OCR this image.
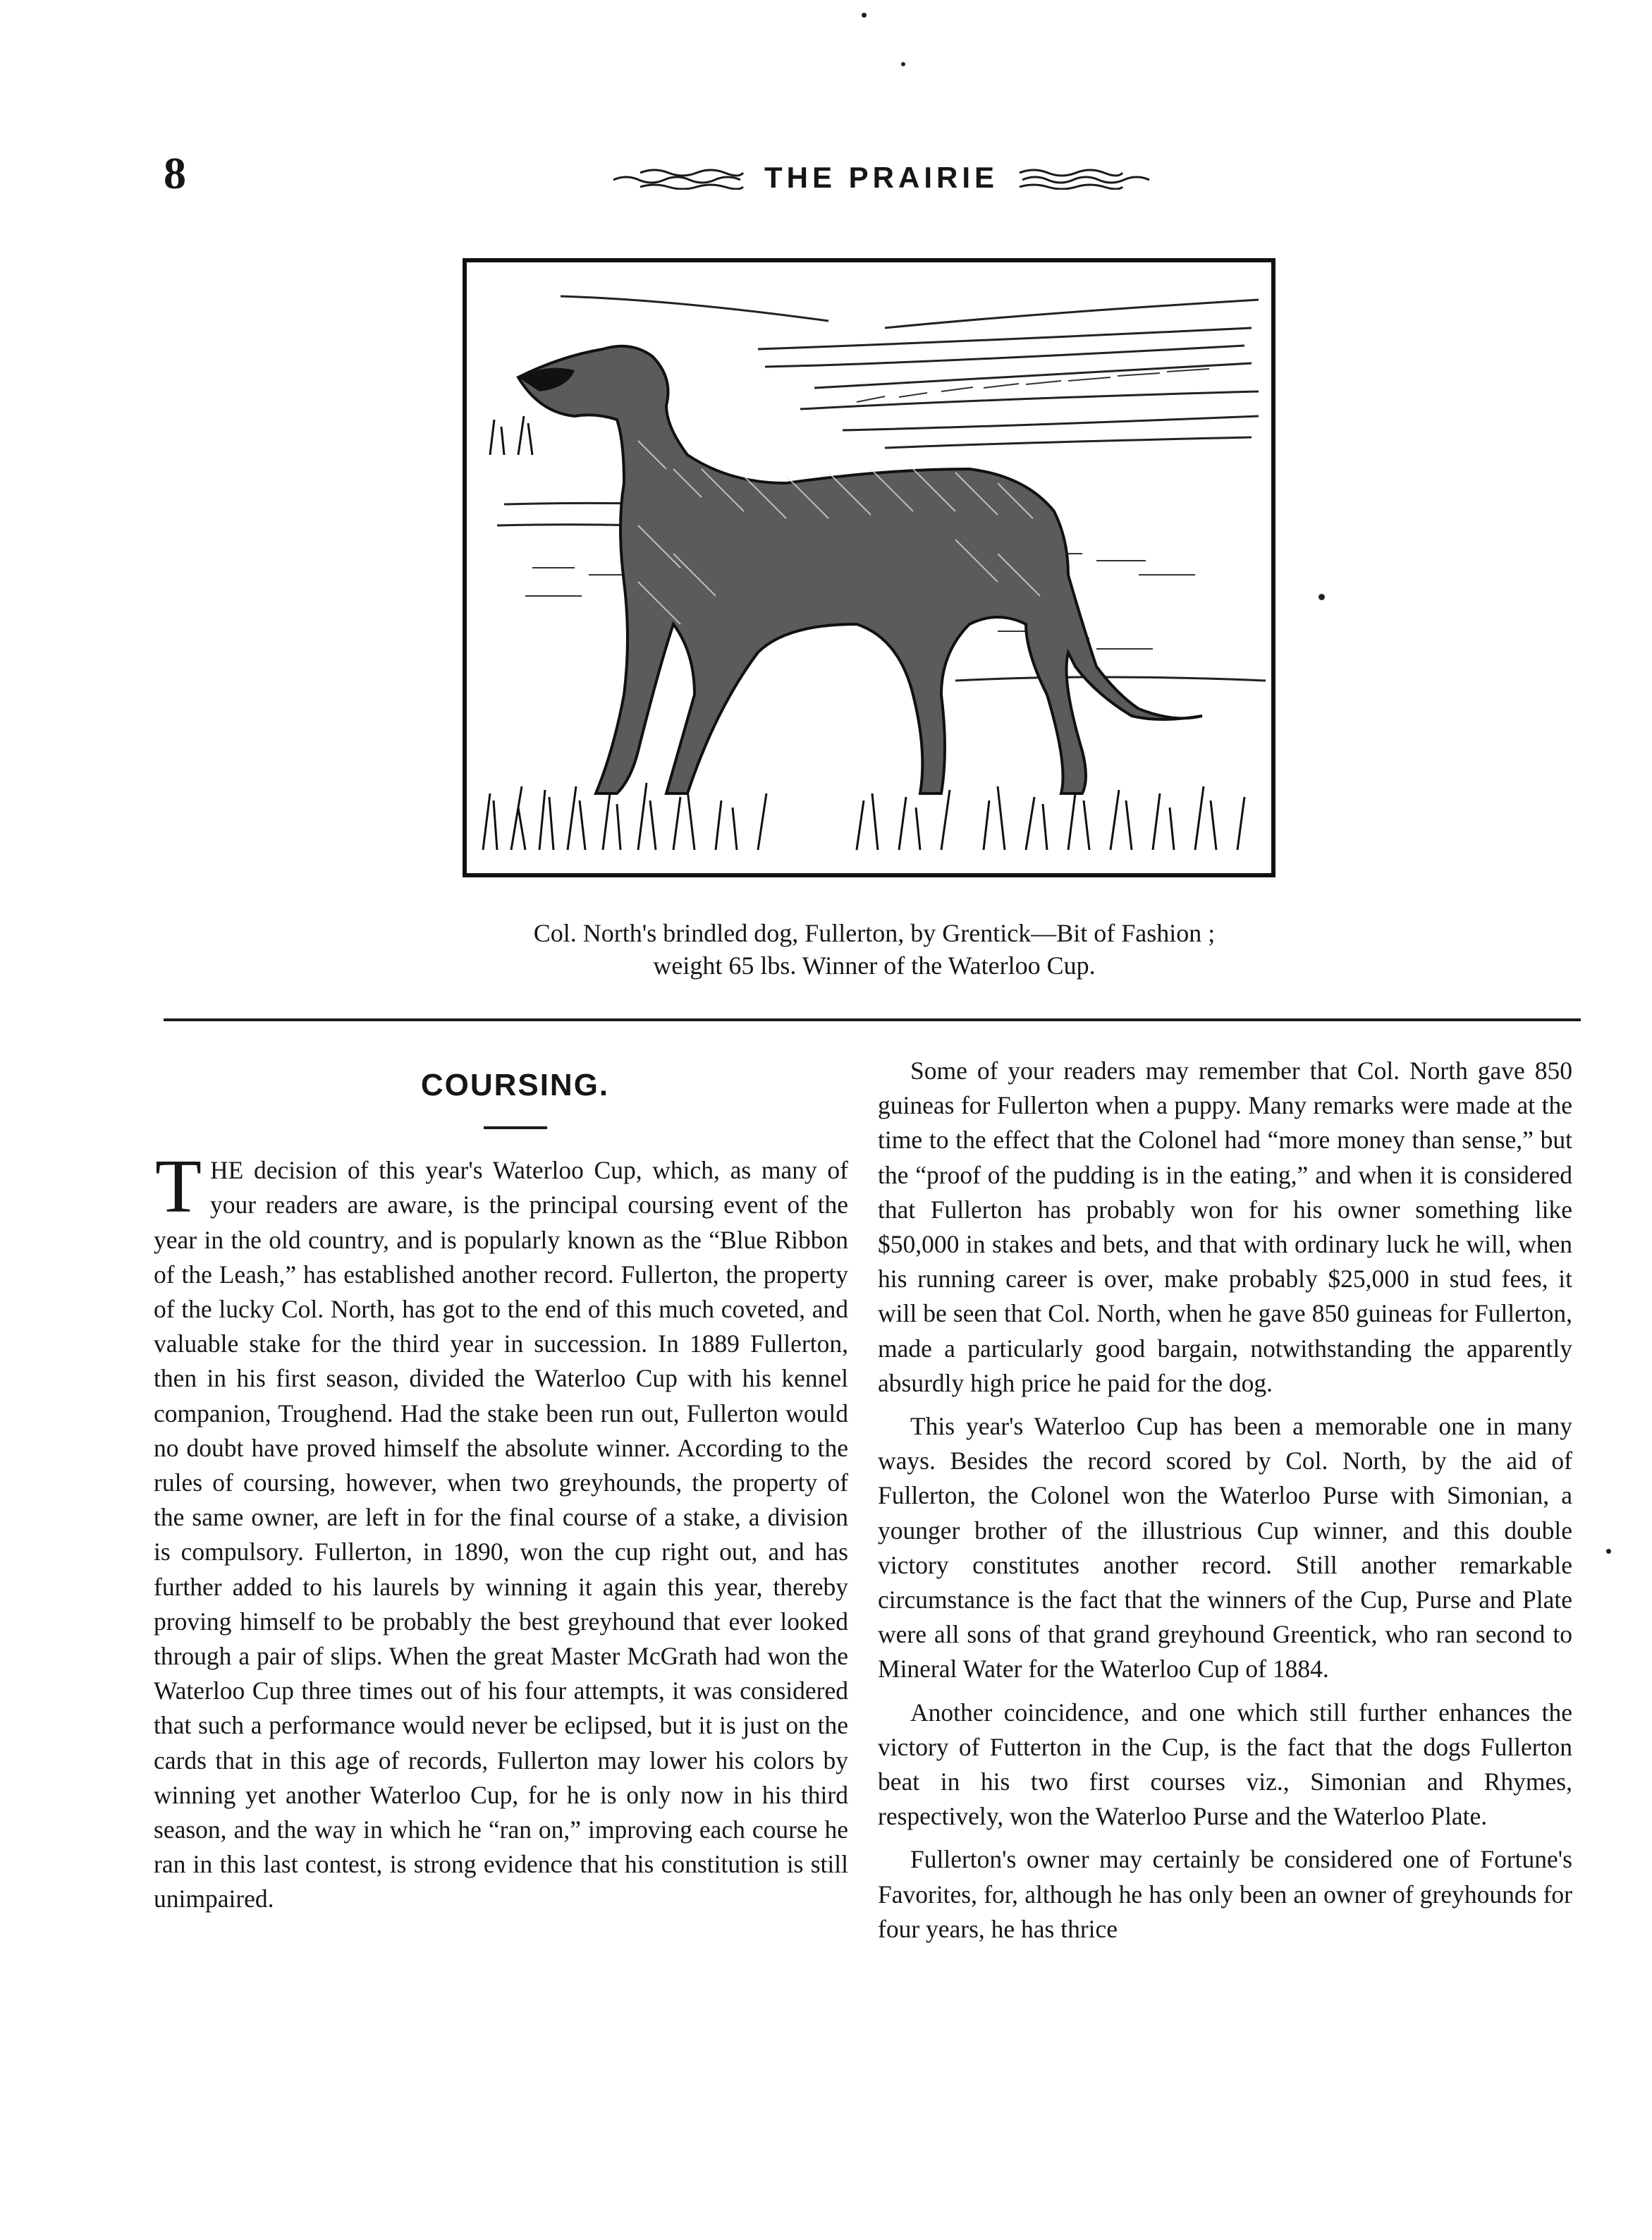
8	THE PRAIRIE
Col. North's brindled dog, Fullerton, by Grentick—Bit of Fashion ;
weight 65 lbs. Winner of the Waterloo Cup.
COURSING.

THE decision of this year's Waterloo Cup, which, as many of your readers are aware, is the principal coursing event of the year in the old country, and is popularly known as the “Blue Ribbon of the Leash,” has established another record. Fullerton, the property of the lucky Col. North, has got to the end of this much coveted, and valuable stake for the third year in succession. In 1889 Fullerton, then in his first season, divided the Waterloo Cup with his kennel companion, Troughend. Had the stake been run out, Fullerton would no doubt have proved himself the absolute winner. According to the rules of coursing, however, when two greyhounds, the property of the same owner, are left in for the final course of a stake, a division is compulsory. Fullerton, in 1890, won the cup right out, and has further added to his laurels by winning it again this year, thereby proving himself to be probably the best greyhound that ever looked through a pair of slips. When the great Master McGrath had won the Waterloo Cup three times out of his four attempts, it was considered that such a performance would never be eclipsed, but it is just on the cards that in this age of records, Fullerton may lower his colors by winning yet another Waterloo Cup, for he is only now in his third season, and the way in which he “ran on,” improving each course he ran in this last contest, is strong evidence that his constitution is still unimpaired.

Some of your readers may remember that Col. North gave 850 guineas for Fullerton when a puppy. Many remarks were made at the time to the effect that the Colonel had “more money than sense,” but the “proof of the pudding is in the eating,” and when it is considered that Fullerton has probably won for his owner something like $50,000 in stakes and bets, and that with ordinary luck he will, when his running career is over, make probably $25,000 in stud fees, it will be seen that Col. North, when he gave 850 guineas for Fullerton, made a particularly good bargain, notwithstanding the apparently absurdly high price he paid for the dog.

This year's Waterloo Cup has been a memorable one in many ways. Besides the record scored by Col. North, by the aid of Fullerton, the Colonel won the Waterloo Purse with Simonian, a younger brother of the illustrious Cup winner, and this double victory constitutes another record. Still another remarkable circumstance is the fact that the winners of the Cup, Purse and Plate were all sons of that grand greyhound Greentick, who ran second to Mineral Water for the Waterloo Cup of 1884.

Another coincidence, and one which still further enhances the victory of Futterton in the Cup, is the fact that the dogs Fullerton beat in his two first courses viz., Simonian and Rhymes, respectively, won the Waterloo Purse and the Waterloo Plate.

Fullerton's owner may certainly be considered one of Fortune's Favorites, for, although he has only been an owner of greyhounds for four years, he has thrice
